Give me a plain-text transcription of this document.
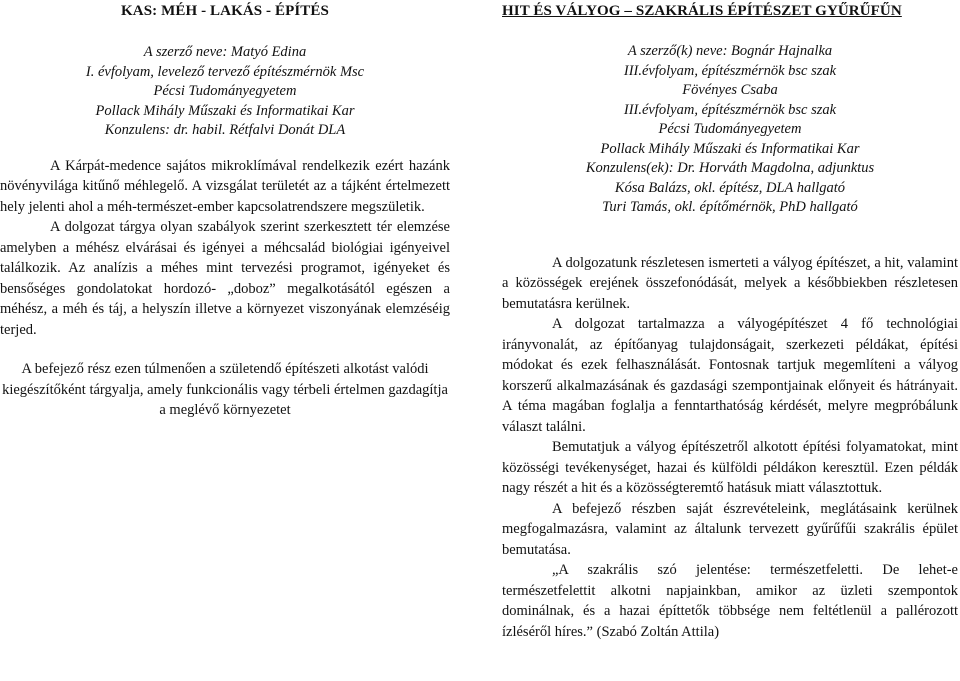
KAS: MÉH - LAKÁS - ÉPÍTÉS
A szerző neve: Matyó Edina
I. évfolyam, levelező tervező építészmérnök Msc
Pécsi Tudományegyetem
Pollack Mihály Műszaki és Informatikai Kar
Konzulens: dr. habil. Rétfalvi Donát DLA

A Kárpát-medence sajátos mikroklímával rendelkezik ezért hazánk növényvilága kitűnő méhlegelő. A vizsgálat területét az a tájként értelmezett hely jelenti ahol a méh-természet-ember kapcsolatrendszere megszületik.

A dolgozat tárgya olyan szabályok szerint szerkesztett tér elemzése amelyben a méhész elvárásai és igényei a méhcsalád biológiai igényeivel találkozik. Az analízis a méhes mint tervezési programot, igényeket és bensőséges gondolatokat hordozó- „doboz” megalkotásától egészen a méhész, a méh és táj, a helyszín illetve a környezet viszonyának elemzéséig terjed.

A befejező rész ezen túlmenően a születendő építészeti alkotást valódi kiegészítőként tárgyalja, amely funkcionális vagy térbeli értelmen gazdagítja a meglévő környezetet

HIT ÉS VÁLYOG – SZAKRÁLIS ÉPÍTÉSZET GYŰRŰFŰN
A szerző(k) neve: Bognár Hajnalka
III.évfolyam, építészmérnök bsc szak
Fövényes Csaba
III.évfolyam, építészmérnök bsc szak
Pécsi Tudományegyetem
Pollack Mihály Műszaki és Informatikai Kar
Konzulens(ek): Dr. Horváth Magdolna, adjunktus
Kósa Balázs, okl. építész, DLA hallgató
Turi Tamás, okl. építőmérnök, PhD hallgató

A dolgozatunk részletesen ismerteti a vályog építészet, a hit, valamint a közösségek erejének összefonódását, melyek a későbbiekben részletesen bemutatásra kerülnek.

A dolgozat tartalmazza a vályogépítészet 4 fő technológiai irányvonalát, az építőanyag tulajdonságait, szerkezeti példákat, építési módokat és ezek felhasználását. Fontosnak tartjuk megemlíteni a vályog korszerű alkalmazásának és gazdasági szempontjainak előnyeit és hátrányait. A téma magában foglalja a fenntarthatóság kérdését, melyre megpróbálunk választ találni.

Bemutatjuk a vályog építészetről alkotott építési folyamatokat, mint közösségi tevékenységet, hazai és külföldi példákon keresztül. Ezen példák nagy részét a hit és a közösségteremtő hatásuk miatt választottuk.

A befejező részben saját észrevételeink, meglátásaink kerülnek megfogalmazásra, valamint az általunk tervezett gyűrűfűi szakrális épület bemutatása.

„A szakrális szó jelentése: természetfeletti. De lehet-e természetfelettit alkotni napjainkban, amikor az üzleti szempontok dominálnak, és a hazai építtetők többsége nem feltétlenül a pallérozott ízléséről híres.” (Szabó Zoltán Attila)
